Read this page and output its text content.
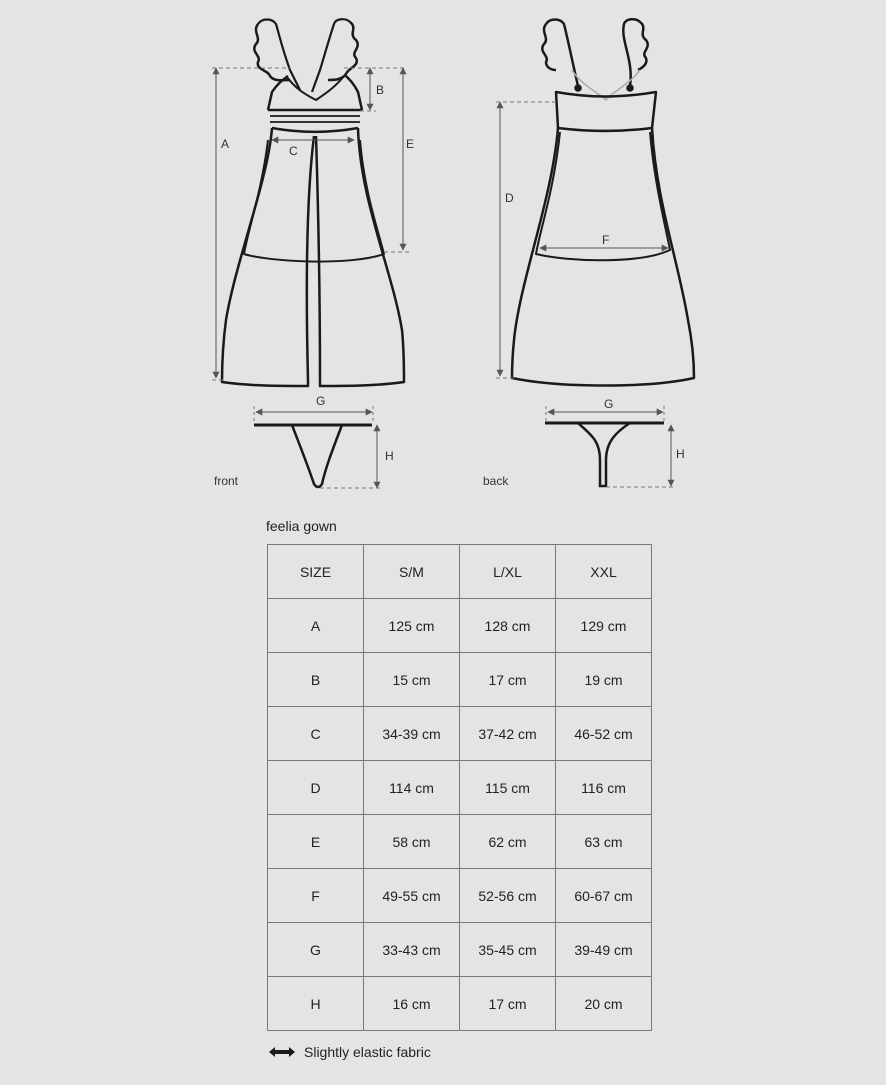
A
B
C	E
G
H
front
D
F
G
H
back
feelia gown
SIZE	S/M	L/XL	XXL
A	125 cm	128 cm	129 cm
B	15 cm	17 cm	19 cm
C	34-39 cm	37-42 cm	46-52 cm
D	114 cm	115 cm	116 cm
E	58 cm	62 cm	63 cm
F	49-55 cm	52-56 cm	60-67 cm
G	33-43 cm	35-45 cm	39-49 cm
H	16 cm	17 cm	20 cm
Slightly elastic fabric
